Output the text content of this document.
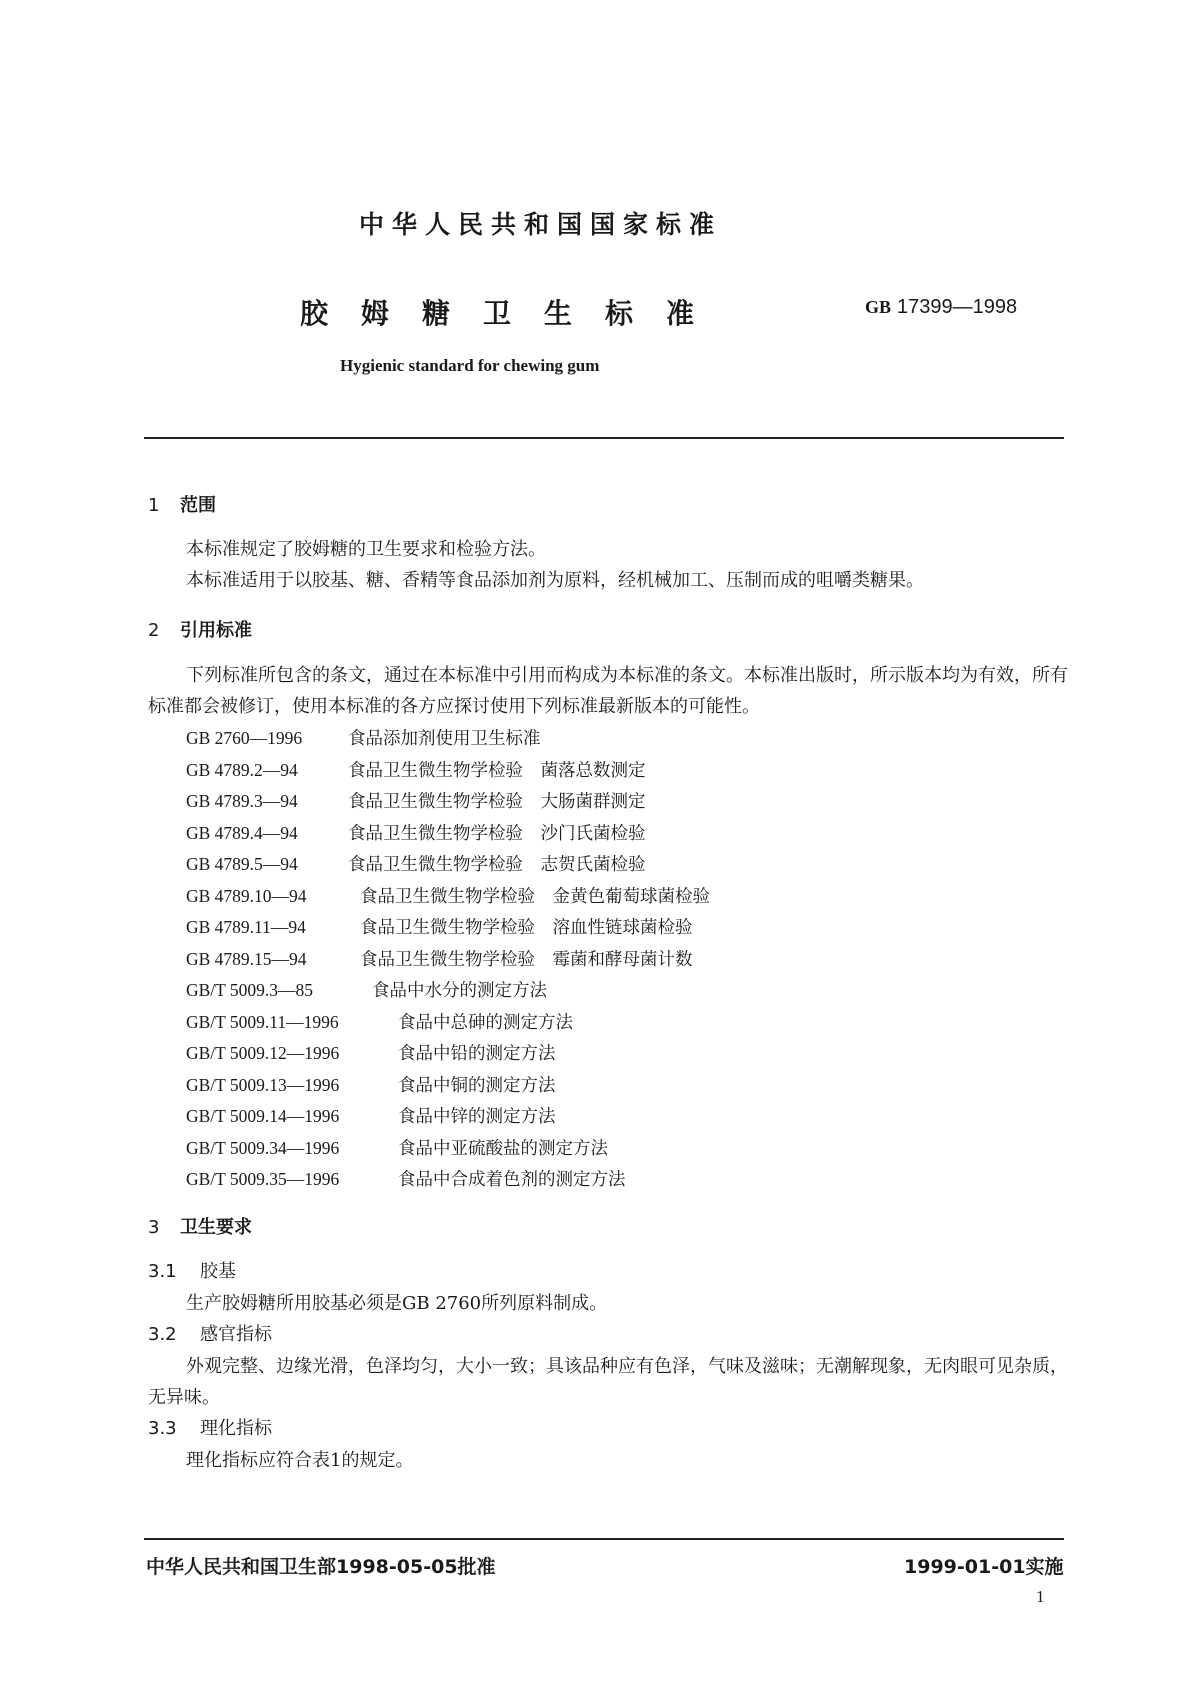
中华人民共和国国家标准
胶姆糖卫生标准	GB 17399—1998
Hygienic standard for chewing gum
1 范围
本标准规定了胶姆糖的卫生要求和检验方法。
本标准适用于以胶基、糖、香精等食品添加剂为原料，经机械加工、压制而成的咀嚼类糖果。
2 引用标准
下列标准所包含的条文，通过在本标准中引用而构成为本标准的条文。本标准出版时，所示版本均为有效，所有标准都会被修订，使用本标准的各方应探讨使用下列标准最新版本的可能性。
GB 2760—1996	食品添加剂使用卫生标准
GB 4789.2—94	食品卫生微生物学检验　菌落总数测定
GB 4789.3—94	食品卫生微生物学检验　大肠菌群测定
GB 4789.4—94	食品卫生微生物学检验　沙门氏菌检验
GB 4789.5—94	食品卫生微生物学检验　志贺氏菌检验
GB 4789.10—94	食品卫生微生物学检验　金黄色葡萄球菌检验
GB 4789.11—94	食品卫生微生物学检验　溶血性链球菌检验
GB 4789.15—94	食品卫生微生物学检验　霉菌和酵母菌计数
GB/T 5009.3—85	食品中水分的测定方法
GB/T 5009.11—1996	食品中总砷的测定方法
GB/T 5009.12—1996	食品中铅的测定方法
GB/T 5009.13—1996	食品中铜的测定方法
GB/T 5009.14—1996	食品中锌的测定方法
GB/T 5009.34—1996	食品中亚硫酸盐的测定方法
GB/T 5009.35—1996	食品中合成着色剂的测定方法
3 卫生要求
3.1 胶基
生产胶姆糖所用胶基必须是GB 2760所列原料制成。
3.2 感官指标
外观完整、边缘光滑，色泽均匀，大小一致；具该品种应有色泽，气味及滋味；无潮解现象，无肉眼可见杂质，无异味。
3.3 理化指标
理化指标应符合表1的规定。
中华人民共和国卫生部1998-05-05批准	1999-01-01实施
1
